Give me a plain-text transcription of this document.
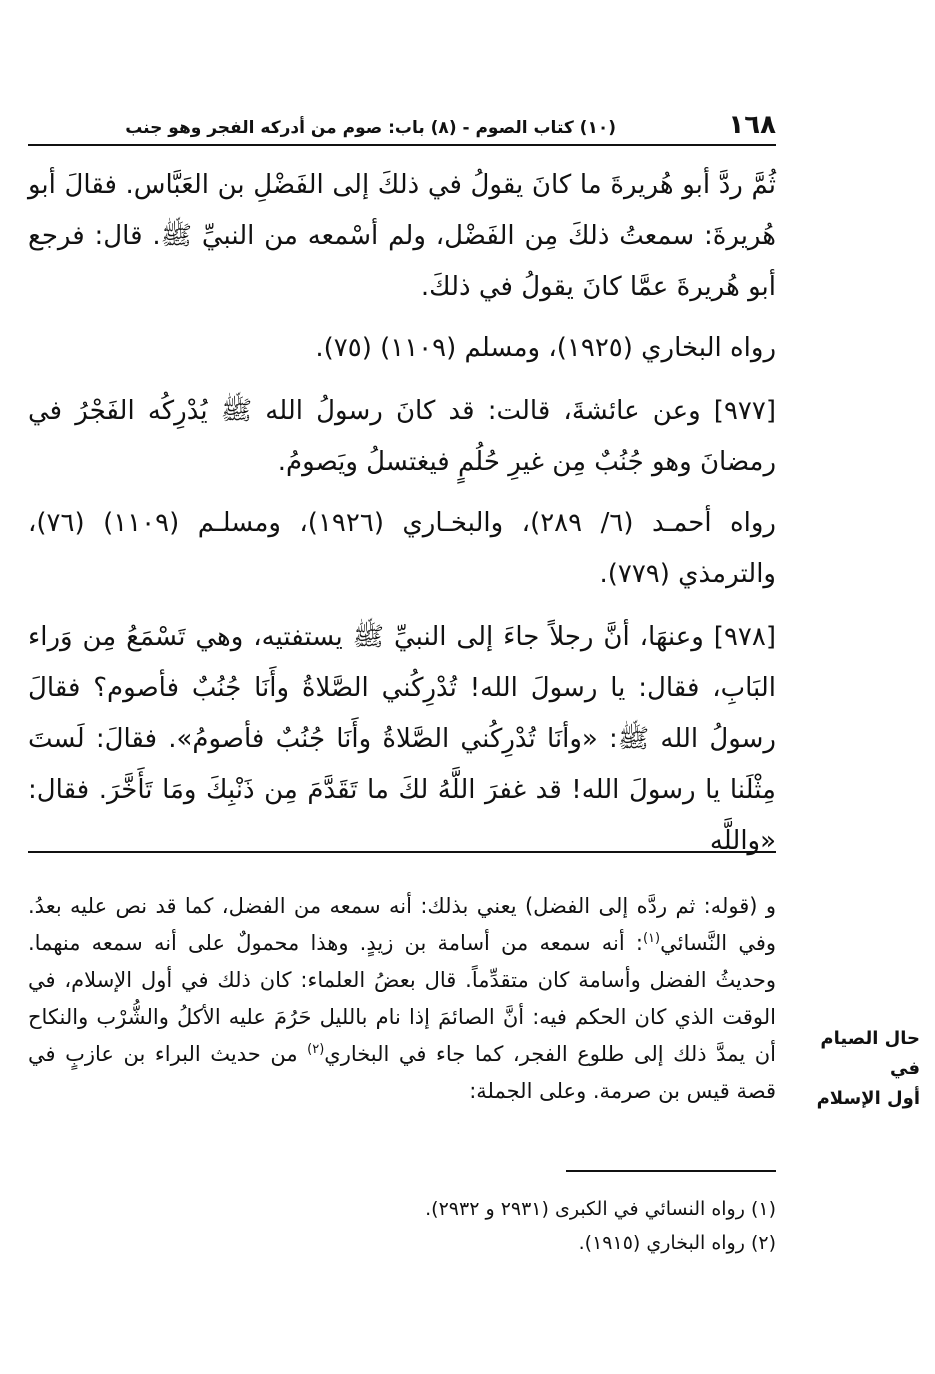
١٦٨
(١٠) كتاب الصوم - (٨) باب: صوم من أدركه الفجر وهو جنب

ثُمَّ ردَّ أبو هُريرةَ ما كانَ يقولُ في ذلكَ إلى الفَضْلِ بن العَبَّاس. فقالَ أبو هُريرةَ: سمعتُ ذلكَ مِن الفَضْل، ولم أسْمعه من النبيِّ ﷺ. قال: فرجع أبو هُريرةَ عمَّا كانَ يقولُ في ذلكَ.

رواه البخاري (١٩٢٥)، ومسلم (١١٠٩) (٧٥).

[٩٧٧] وعن عائشةَ، قالت: قد كانَ رسولُ الله ﷺ يُدْرِكُه الفَجْرُ في رمضانَ وهو جُنُبٌ مِن غيرِ حُلُمٍ فيغتسلُ ويَصومُ.

رواه أحمـد (٦/ ٢٨٩)، والبخـاري (١٩٢٦)، ومسلـم (١١٠٩) (٧٦)، والترمذي (٧٧٩).

[٩٧٨] وعنهَا، أنَّ رجلاً جاءَ إلى النبيِّ ﷺ يستفتيه، وهي تَسْمَعُ مِن وَراء البَابِ، فقال: يا رسولَ الله! تُدْرِكُني الصَّلاةُ وأَنَا جُنُبٌ فأصوم؟ فقالَ رسولُ الله ﷺ: «وأنَا تُدْرِكُني الصَّلاةُ وأَنَا جُنُبٌ فأصومُ». فقالَ: لَستَ مِثْلَنا يا رسولَ الله! قد غفرَ اللَّهُ لكَ ما تَقَدَّمَ مِن ذَنْبِكَ ومَا تَأَخَّرَ. فقال: «واللَّه

و (قوله: ثم ردَّه إلى الفضل) يعني بذلك: أنه سمعه من الفضل، كما قد نص عليه بعدُ. وفي النَّسائي$^{(١)}$: أنه سمعه من أسامة بن زيدٍ. وهذا محمولٌ على أنه سمعه منهما. وحديثُ الفضل وأسامة كان متقدِّماً. قال بعضُ العلماء: كان ذلك في أول الإسلام، في الوقت الذي كان الحكم فيه: أنَّ الصائمَ إذا نام بالليل حَرُمَ عليه الأكلُ والشُّرْب والنكاح أن يمدَّ ذلك إلى طلوع الفجر، كما جاء في البخاري$^{(٢)}$ من حديث البراء بن عازبٍ في قصة قيس بن صرمة. وعلى الجملة:
حال الصيام في
أول الإسلام
(١) رواه النسائي في الكبرى (٢٩٣١ و ٢٩٣٢).
(٢) رواه البخاري (١٩١٥).
